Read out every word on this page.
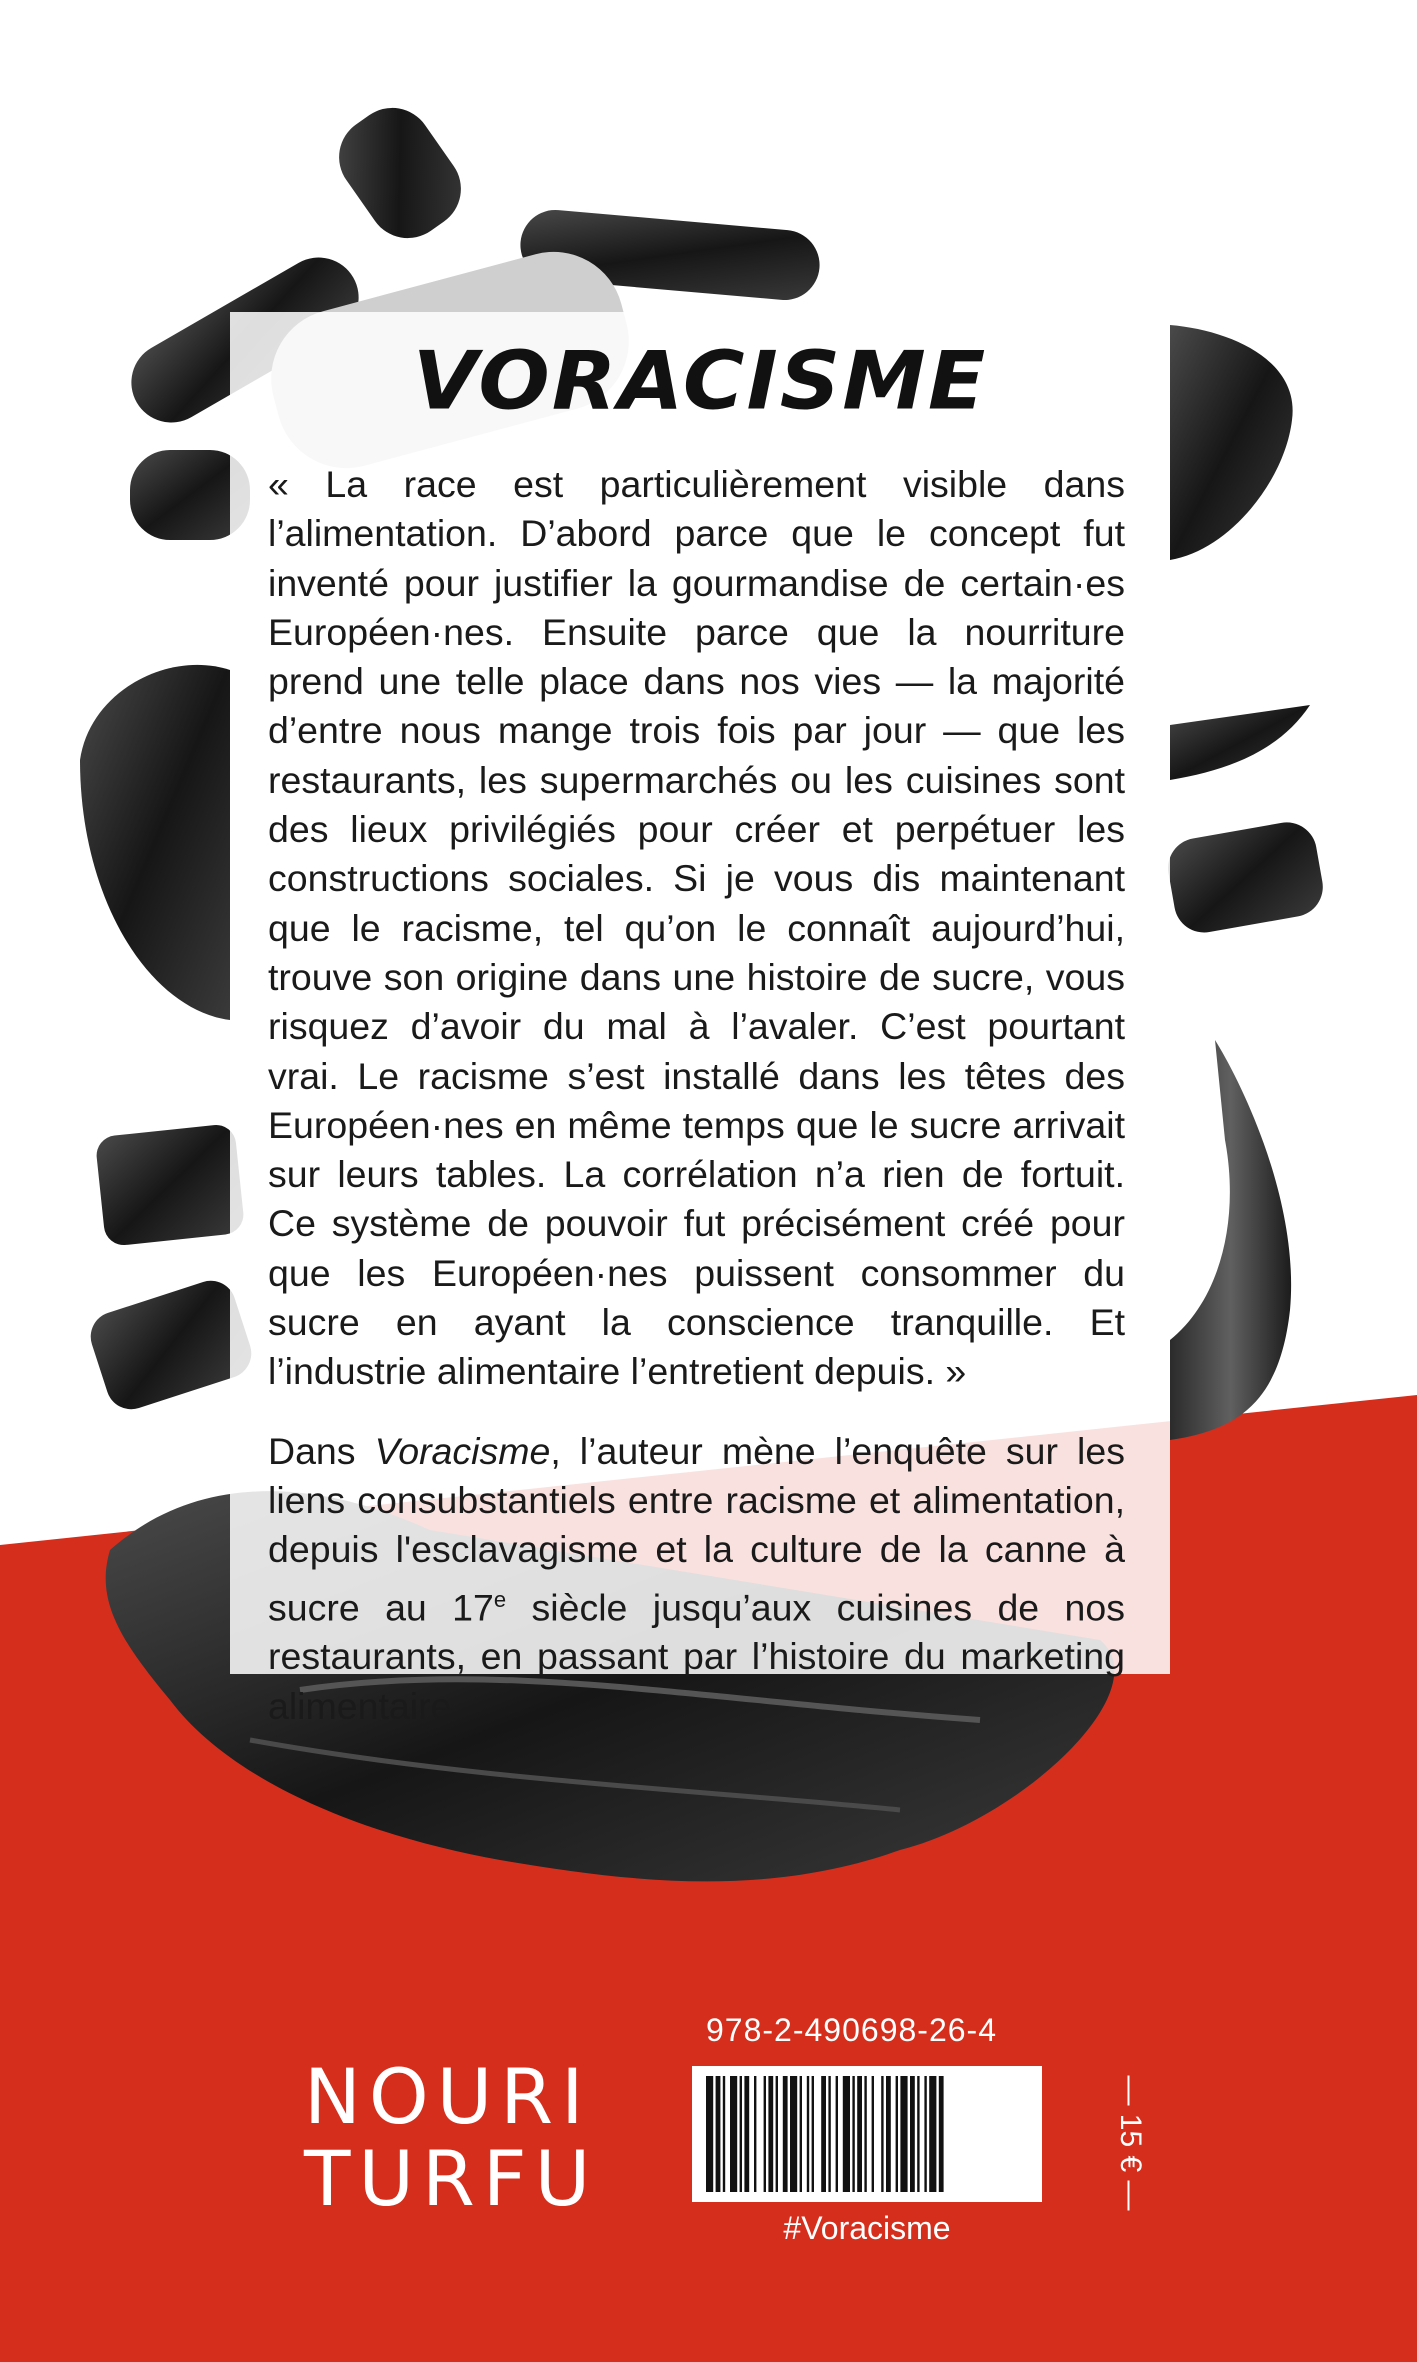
VORACISME

« La race est particulièrement visible dans l’alimentation. D’abord parce que le concept fut inventé pour justifier la gourmandise de certain·es Européen·nes. Ensuite parce que la nourriture prend une telle place dans nos vies — la majorité d’entre nous mange trois fois par jour — que les restaurants, les supermarchés ou les cuisines sont des lieux privilégiés pour créer et perpétuer les constructions sociales. Si je vous dis maintenant que le racisme, tel qu’on le connaît aujourd’hui, trouve son origine dans une histoire de sucre, vous risquez d’avoir du mal à l’avaler. C’est pourtant vrai. Le racisme s’est installé dans les têtes des Européen·nes en même temps que le sucre arrivait sur leurs tables. La corrélation n’a rien de fortuit. Ce système de pouvoir fut précisément créé pour que les Européen·nes puissent consommer du sucre en ayant la conscience tranquille. Et l’industrie alimentaire l’entretient depuis. »

Dans Voracisme, l’auteur mène l’enquête sur les liens consubstantiels entre racisme et alimentation, depuis l'esclavagisme et la culture de la canne à sucre au 17e siècle jusqu’aux cuisines de nos restaurants, en passant par l’histoire du marketing alimentaire.

NOURI
TURFU
978-2-490698-26-4
— 15 € —
#Voracisme
